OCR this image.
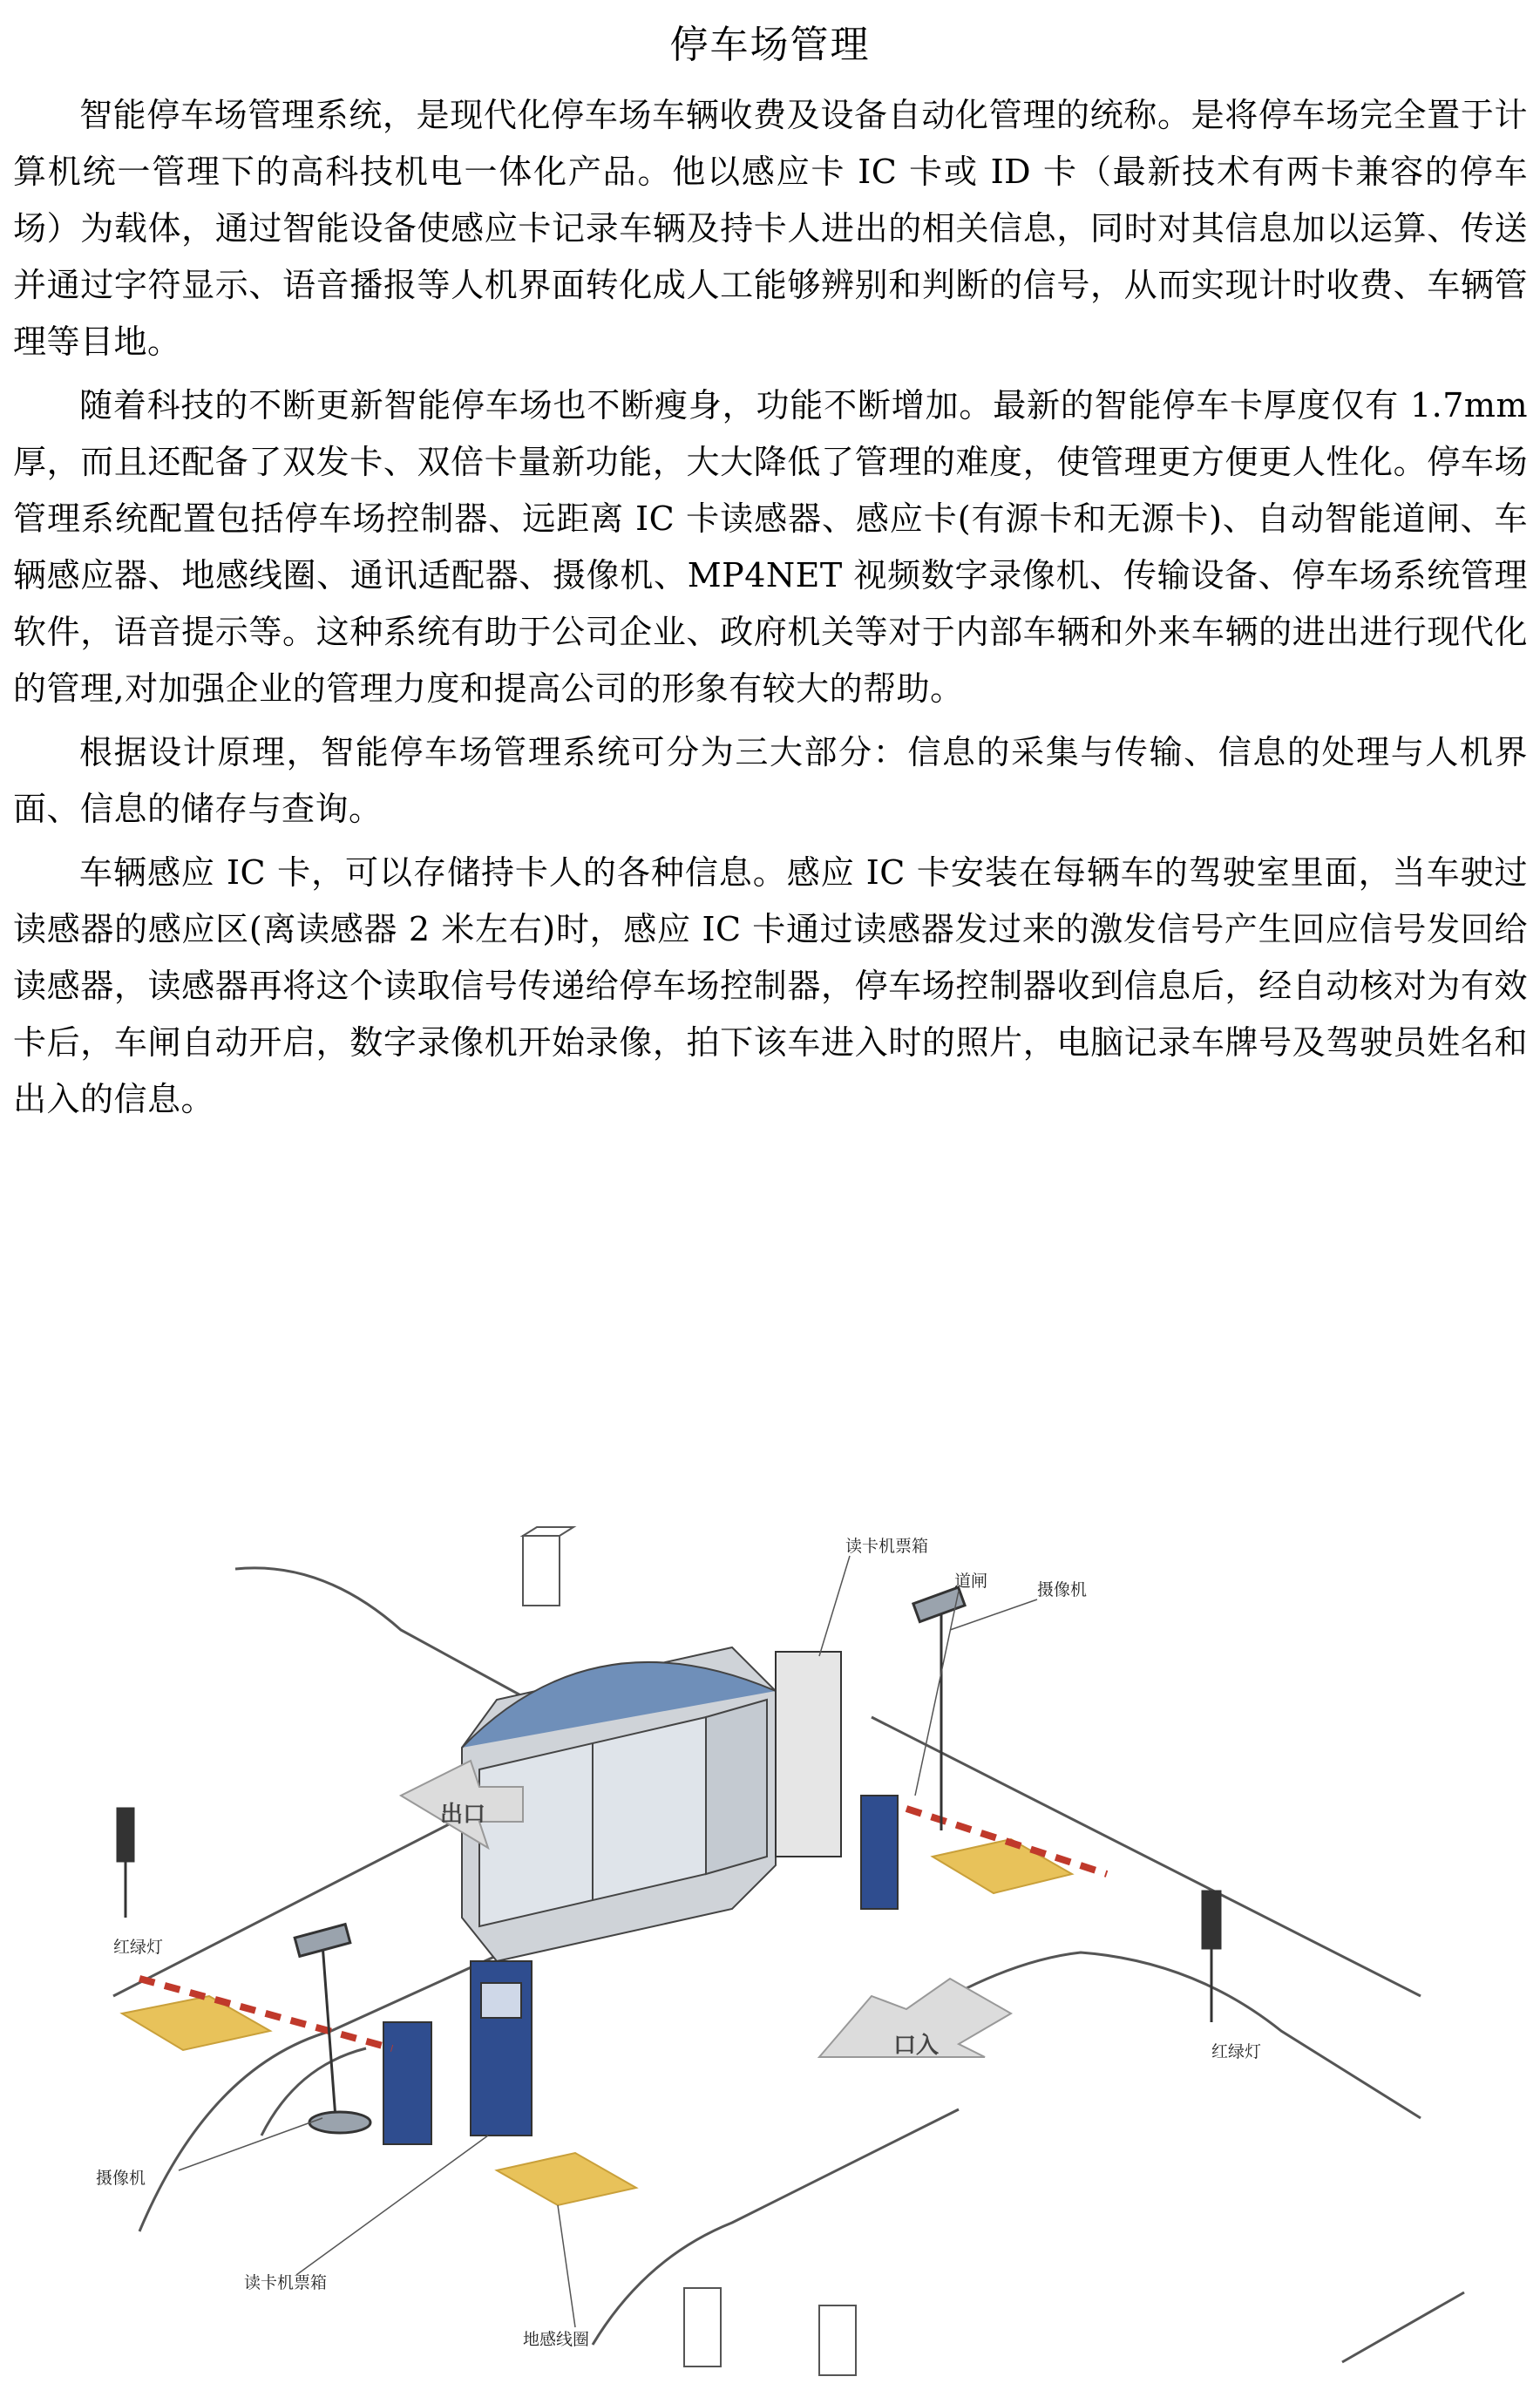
停车场管理

智能停车场管理系统，是现代化停车场车辆收费及设备自动化管理的统称。是将停车场完全置于计算机统一管理下的高科技机电一体化产品。他以感应卡 IC 卡或 ID 卡（最新技术有两卡兼容的停车场）为载体，通过智能设备使感应卡记录车辆及持卡人进出的相关信息，同时对其信息加以运算、传送并通过字符显示、语音播报等人机界面转化成人工能够辨别和判断的信号，从而实现计时收费、车辆管理等目地。

随着科技的不断更新智能停车场也不断瘦身，功能不断增加。最新的智能停车卡厚度仅有 1.7mm 厚，而且还配备了双发卡、双倍卡量新功能，大大降低了管理的难度，使管理更方便更人性化。停车场管理系统配置包括停车场控制器、远距离 IC 卡读感器、感应卡(有源卡和无源卡)、自动智能道闸、车辆感应器、地感线圈、通讯适配器、摄像机、MP4NET 视频数字录像机、传输设备、停车场系统管理软件，语音提示等。这种系统有助于公司企业、政府机关等对于内部车辆和外来车辆的进出进行现代化的管理,对加强企业的管理力度和提高公司的形象有较大的帮助。

根据设计原理，智能停车场管理系统可分为三大部分：信息的采集与传输、信息的处理与人机界面、信息的储存与查询。

车辆感应 IC 卡，可以存储持卡人的各种信息。感应 IC 卡安装在每辆车的驾驶室里面，当车驶过读感器的感应区(离读感器 2 米左右)时，感应 IC 卡通过读感器发过来的激发信号产生回应信号发回给读感器，读感器再将这个读取信号传递给停车场控制器，停车场控制器收到信息后，经自动核对为有效卡后，车闸自动开启，数字录像机开始录像，拍下该车进入时的照片，电脑记录车牌号及驾驶员姓名和出入的信息。

出口
口入
读卡机票箱
道闸	摄像机
红绿灯
红绿灯
摄像机
读卡机票箱
地感线圈
